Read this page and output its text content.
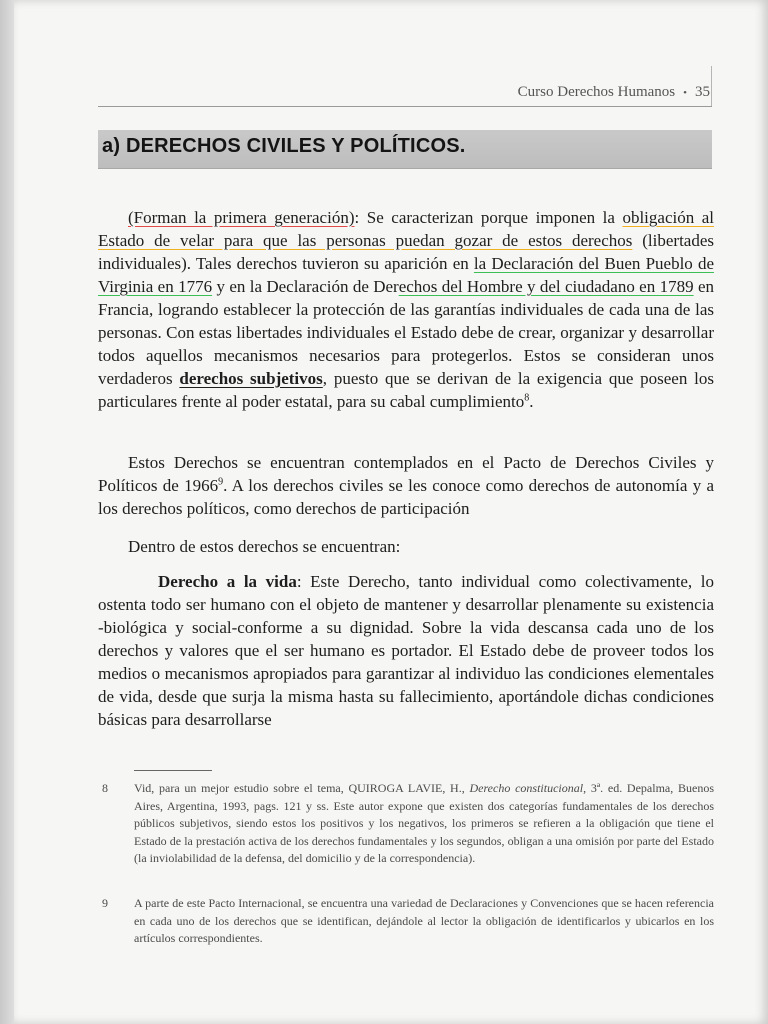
Curso Derechos Humanos • 35
a) DERECHOS CIVILES Y POLÍTICOS.

(Forman la primera generación): Se caracterizan porque imponen la obligación al Estado de velar para que las personas puedan gozar de estos derechos (libertades individuales). Tales derechos tuvieron su aparición en la Declaración del Buen Pueblo de Virginia en 1776 y en la Declaración de Derechos del Hombre y del ciudadano en 1789 en Francia, logrando establecer la protección de las garantías individuales de cada una de las personas. Con estas libertades individuales el Estado debe de crear, organizar y desarrollar todos aquellos mecanismos necesarios para protegerlos. Estos se consideran unos verdaderos derechos subjetivos, puesto que se derivan de la exigencia que poseen los particulares frente al poder estatal, para su cabal cumplimiento$^8$.

Estos Derechos se encuentran contemplados en el Pacto de Derechos Civiles y Políticos de 1966$^9$. A los derechos civiles se les conoce como derechos de autonomía y a los derechos políticos, como derechos de participación

Dentro de estos derechos se encuentran:

Derecho a la vida: Este Derecho, tanto individual como colectivamente, lo ostenta todo ser humano con el objeto de mantener y desarrollar plenamente su existencia -biológica y social-conforme a su dignidad. Sobre la vida descansa cada uno de los derechos y valores que el ser humano es portador. El Estado debe de proveer todos los medios o mecanismos apropiados para garantizar al individuo las condiciones elementales de vida, desde que surja la misma hasta su fallecimiento, aportándole dichas condiciones básicas para desarrollarse

8 Vid, para un mejor estudio sobre el tema, QUIROGA LAVIE, H., Derecho constitucional, 3ª. ed. Depalma, Buenos Aires, Argentina, 1993, pags. 121 y ss. Este autor expone que existen dos categorías fundamentales de los derechos públicos subjetivos, siendo estos los positivos y los negativos, los primeros se refieren a la obligación que tiene el Estado de la prestación activa de los derechos fundamentales y los segundos, obligan a una omisión por parte del Estado (la inviolabilidad de la defensa, del domicilio y de la correspondencia).
9 A parte de este Pacto Internacional, se encuentra una variedad de Declaraciones y Convenciones que se hacen referencia en cada uno de los derechos que se identifican, dejándole al lector la obligación de identificarlos y ubicarlos en los artículos correspondientes.
